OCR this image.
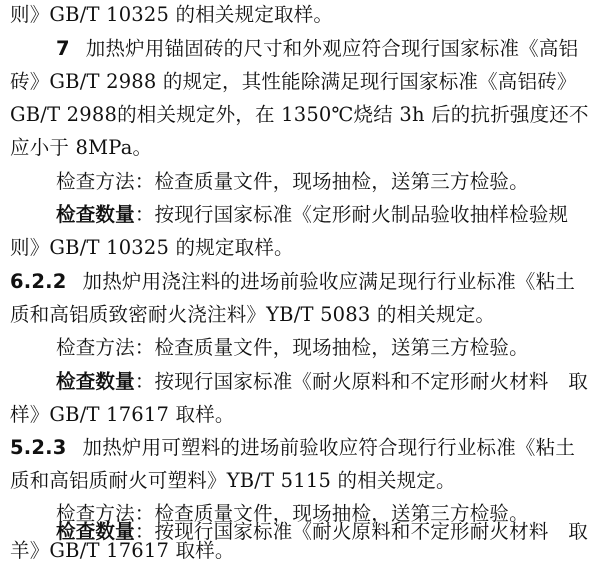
则》GB/T 10325 的相关规定取样。
7 加热炉用锚固砖的尺寸和外观应符合现行国家标准《高铝
砖》GB/T 2988 的规定，其性能除满足现行国家标准《高铝砖》
GB/T 2988的相关规定外，在 1350℃烧结 3h 后的抗折强度还不
应小于 8MPa。
检查方法：检查质量文件，现场抽检，送第三方检验。
检查数量：按现行国家标准《定形耐火制品验收抽样检验规
则》GB/T 10325 的规定取样。
6.2.2 加热炉用浇注料的进场前验收应满足现行行业标准《粘土
质和高铝质致密耐火浇注料》YB/T 5083 的相关规定。
检查方法：检查质量文件，现场抽检，送第三方检验。
检查数量：按现行国家标准《耐火原料和不定形耐火材料 取
样》GB/T 17617 取样。
5.2.3 加热炉用可塑料的进场前验收应符合现行行业标准《粘土
质和高铝质耐火可塑料》YB/T 5115 的相关规定。
检查方法：检查质量文件，现场抽检，送第三方检验。
检查数量：按现行国家标准《耐火原料和不定形耐火材料 取
羊》GB/T 17617 取样。
